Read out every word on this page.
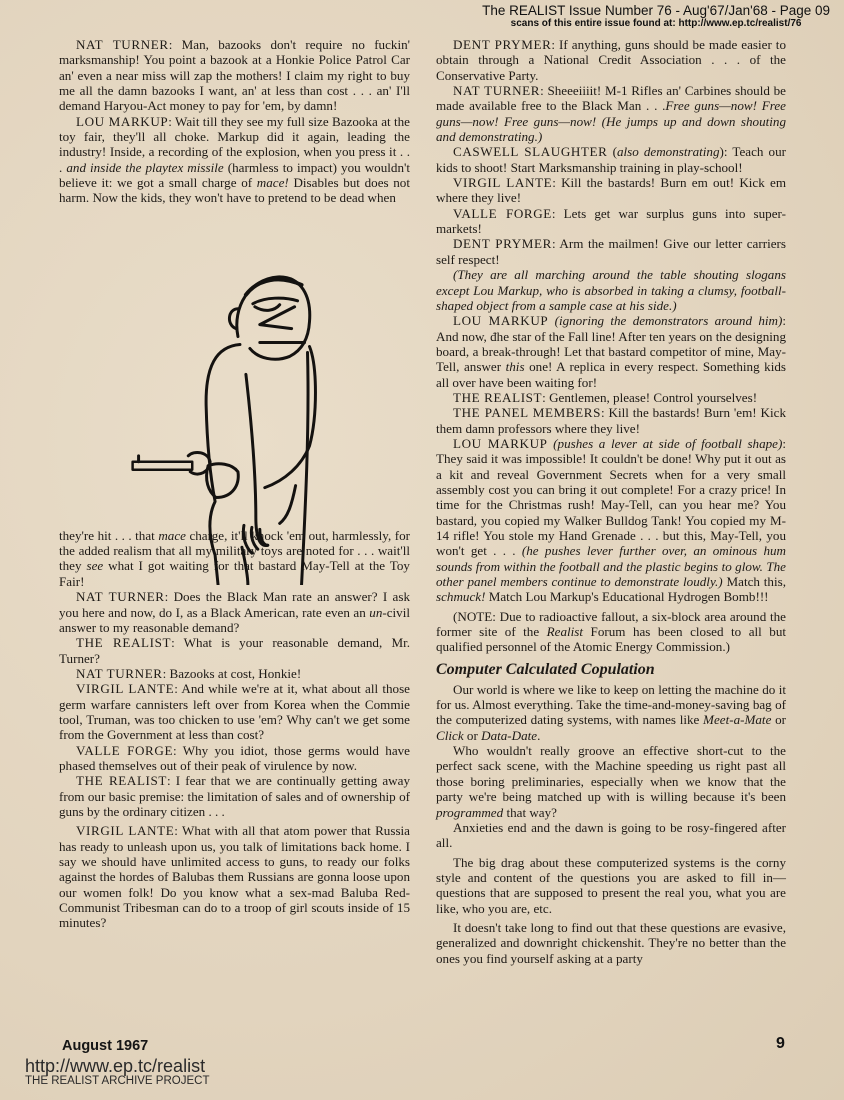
The REALIST Issue Number 76 - Aug'67/Jan'68 - Page 09
scans of this entire issue found at: http://www.ep.tc/realist/76

NAT TURNER: Man, bazooks don't require no fuckin' marksmanship! You point a bazook at a Honkie Police Patrol Car an' even a near miss will zap the mothers! I claim my right to buy me all the damn bazooks I want, an' at less than cost . . . an' I'll demand Haryou-Act money to pay for 'em, by damn!

LOU MARKUP: Wait till they see my full size Bazooka at the toy fair, they'll all choke. Markup did it again, leading the industry! Inside, a recording of the explosion, when you press it . . . and inside the playtex missile (harmless to impact) you wouldn't believe it: we got a small charge of mace! Disables but does not harm. Now the kids, they won't have to pretend to be dead when

they're hit . . . that mace charge, it'll knock 'em out, harmlessly, for the added realism that all my military toys are noted for . . . wait'll they see what I got waiting for that bastard May-Tell at the Toy Fair!

NAT TURNER: Does the Black Man rate an answer? I ask you here and now, do I, as a Black American, rate even an un-civil answer to my reasonable demand?

THE REALIST: What is your reasonable demand, Mr. Turner?

NAT TURNER: Bazooks at cost, Honkie!

VIRGIL LANTE: And while we're at it, what about all those germ warfare cannisters left over from Korea when the Commie tool, Truman, was too chicken to use 'em? Why can't we get some from the Government at less than cost?

VALLE FORGE: Why you idiot, those germs would have phased themselves out of their peak of virulence by now.

THE REALIST: I fear that we are continually getting away from our basic premise: the limitation of sales and of ownership of guns by the ordinary citizen . . .

VIRGIL LANTE: What with all that atom power that Russia has ready to unleash upon us, you talk of limitations back home. I say we should have unlimited access to guns, to ready our folks against the hordes of Balubas them Russians are gonna loose upon our women folk! Do you know what a sex-mad Baluba Red-Communist Tribesman can do to a troop of girl scouts inside of 15 minutes?

DENT PRYMER: If anything, guns should be made easier to obtain through a National Credit Association . . . of the Conservative Party.

NAT TURNER: Sheeeiiiit! M-1 Rifles an' Carbines should be made available free to the Black Man . . .Free guns—now! Free guns—now! Free guns—now! (He jumps up and down shouting and demonstrating.)

CASWELL SLAUGHTER (also demonstrating): Teach our kids to shoot! Start Marksmanship training in play-school!

VIRGIL LANTE: Kill the bastards! Burn em out! Kick em where they live!

VALLE FORGE: Lets get war surplus guns into super-markets!

DENT PRYMER: Arm the mailmen! Give our letter carriers self respect!

(They are all marching around the table shouting slogans except Lou Markup, who is absorbed in taking a clumsy, football-shaped object from a sample case at his side.)

LOU MARKUP (ignoring the demonstrators around him): And now, đhe star of the Fall line! After ten years on the designing board, a break-through! Let that bastard competitor of mine, May-Tell, answer this one! A replica in every respect. Something kids all over have been waiting for!

THE REALIST: Gentlemen, please! Control yourselves!

THE PANEL MEMBERS: Kill the bastards! Burn 'em! Kick them damn professors where they live!

LOU MARKUP (pushes a lever at side of football shape): They said it was impossible! It couldn't be done! Why put it out as a kit and reveal Government Secrets when for a very small assembly cost you can bring it out complete! For a crazy price! In time for the Christmas rush! May-Tell, can you hear me? You bastard, you copied my Walker Bulldog Tank! You copied my M-14 rifle! You stole my Hand Grenade . . . but this, May-Tell, you won't get . . . (he pushes lever further over, an ominous hum sounds from within the football and the plastic begins to glow. The other panel members continue to demonstrate loudly.) Match this, schmuck! Match Lou Markup's Educational Hydrogen Bomb!!!

(NOTE: Due to radioactive fallout, a six-block area around the former site of the Realist Forum has been closed to all but qualified personnel of the Atomic Energy Commission.)

Computer Calculated Copulation

Our world is where we like to keep on letting the machine do it for us. Almost everything. Take the time-and-money-saving bag of the computerized dating systems, with names like Meet-a-Mate or Click or Data-Date.

Who wouldn't really groove an effective short-cut to the perfect sack scene, with the Machine speeding us right past all those boring preliminaries, especially when we know that the party we're being matched up with is willing because it's been programmed that way?

Anxieties end and the dawn is going to be rosy-fingered after all.

The big drag about these computerized systems is the corny style and content of the questions you are asked to fill in—questions that are supposed to present the real you, what you are like, who you are, etc.

It doesn't take long to find out that these questions are evasive, generalized and downright chickenshit. They're no better than the ones you find yourself asking at a party

August 1967	9
http://www.ep.tc/realist
THE REALIST ARCHIVE PROJECT
